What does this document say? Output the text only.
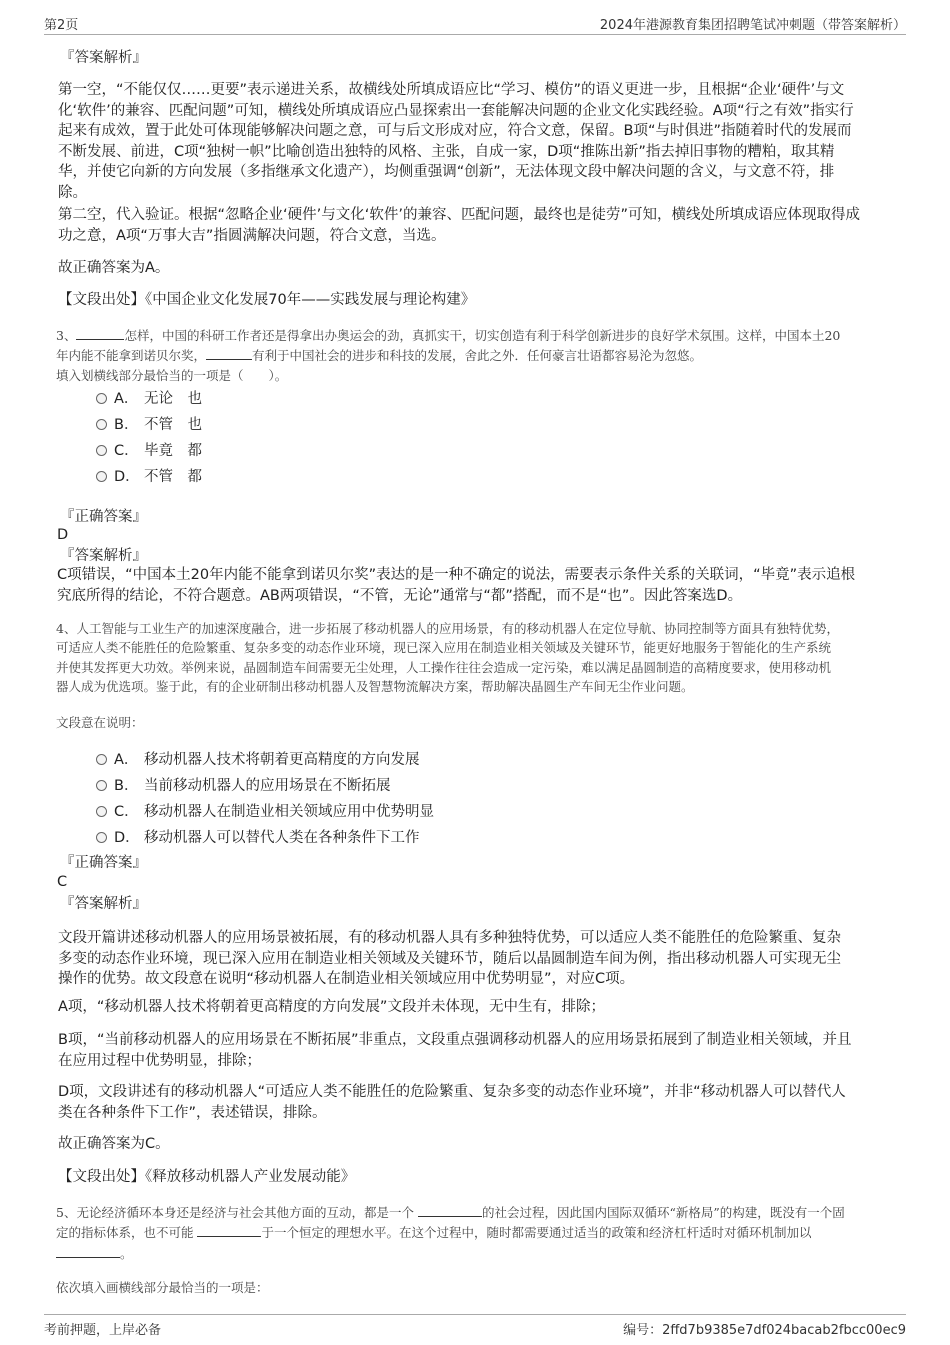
第2页	2024年港源教育集团招聘笔试冲刺题（带答案解析）
『答案解析』
第一空，“不能仅仅……更要”表示递进关系，故横线处所填成语应比“学习、模仿”的语义更进一步，且根据“企业‘硬件’与文
化‘软件’的兼容、匹配问题”可知，横线处所填成语应凸显探索出一套能解决问题的企业文化实践经验。A项“行之有效”指实行
起来有成效，置于此处可体现能够解决问题之意，可与后文形成对应，符合文意，保留。B项“与时俱进”指随着时代的发展而
不断发展、前进，C项“独树一帜”比喻创造出独特的风格、主张，自成一家，D项“推陈出新”指去掉旧事物的糟粕，取其精
华，并使它向新的方向发展（多指继承文化遗产），均侧重强调“创新”，无法体现文段中解决问题的含义，与文意不符，排
除。
第二空，代入验证。根据“忽略企业‘硬件’与文化‘软件’的兼容、匹配问题，最终也是徒劳”可知，横线处所填成语应体现取得成
功之意，A项“万事大吉”指圆满解决问题，符合文意，当选。
故正确答案为A。
【文段出处】《中国企业文化发展70年——实践发展与理论构建》
3、	怎样，中国的科研工作者还是得拿出办奥运会的劲，真抓实干，切实创造有利于科学创新进步的良好学术氛围。这样，中国本土20
年内能不能拿到诺贝尔奖，	有利于中国社会的进步和科技的发展，舍此之外．任何豪言壮语都容易沦为忽悠。
填入划横线部分最恰当的一项是（　　）。
A． 无论　也
B． 不管　也
C． 毕竟　都
D． 不管　都
『正确答案』
D
『答案解析』
C项错误，“中国本土20年内能不能拿到诺贝尔奖”表达的是一种不确定的说法，需要表示条件关系的关联词，“毕竟”表示追根
究底所得的结论，不符合题意。AB两项错误，“不管，无论”通常与“都”搭配，而不是“也”。因此答案选D。
4、人工智能与工业生产的加速深度融合，进一步拓展了移动机器人的应用场景，有的移动机器人在定位导航、协同控制等方面具有独特优势，
可适应人类不能胜任的危险繁重、复杂多变的动态作业环境，现已深入应用在制造业相关领域及关键环节，能更好地服务于智能化的生产系统
并使其发挥更大功效。举例来说，晶圆制造车间需要无尘处理，人工操作往往会造成一定污染，难以满足晶圆制造的高精度要求，使用移动机
器人成为优选项。鉴于此，有的企业研制出移动机器人及智慧物流解决方案，帮助解决晶圆生产车间无尘作业问题。
文段意在说明：
A． 移动机器人技术将朝着更高精度的方向发展
B． 当前移动机器人的应用场景在不断拓展
C． 移动机器人在制造业相关领域应用中优势明显
D． 移动机器人可以替代人类在各种条件下工作
『正确答案』
C
『答案解析』
文段开篇讲述移动机器人的应用场景被拓展，有的移动机器人具有多种独特优势，可以适应人类不能胜任的危险繁重、复杂
多变的动态作业环境，现已深入应用在制造业相关领域及关键环节，随后以晶圆制造车间为例，指出移动机器人可实现无尘
操作的优势。故文段意在说明“移动机器人在制造业相关领域应用中优势明显”，对应C项。
A项，“移动机器人技术将朝着更高精度的方向发展”文段并未体现，无中生有，排除；
B项，“当前移动机器人的应用场景在不断拓展”非重点，文段重点强调移动机器人的应用场景拓展到了制造业相关领域，并且
在应用过程中优势明显，排除；
D项，文段讲述有的移动机器人“可适应人类不能胜任的危险繁重、复杂多变的动态作业环境”，并非“移动机器人可以替代人
类在各种条件下工作”，表述错误，排除。
故正确答案为C。
【文段出处】《释放移动机器人产业发展动能》
5、无论经济循环本身还是经济与社会其他方面的互动，都是一个	的社会过程，因此国内国际双循环“新格局”的构建，既没有一个固
定的指标体系，也不可能	于一个恒定的理想水平。在这个过程中，随时都需要通过适当的政策和经济杠杆适时对循环机制加以
。
依次填入画横线部分最恰当的一项是：
考前押题，上岸必备	编号：2ffd7b9385e7df024bacab2fbcc00ec9
